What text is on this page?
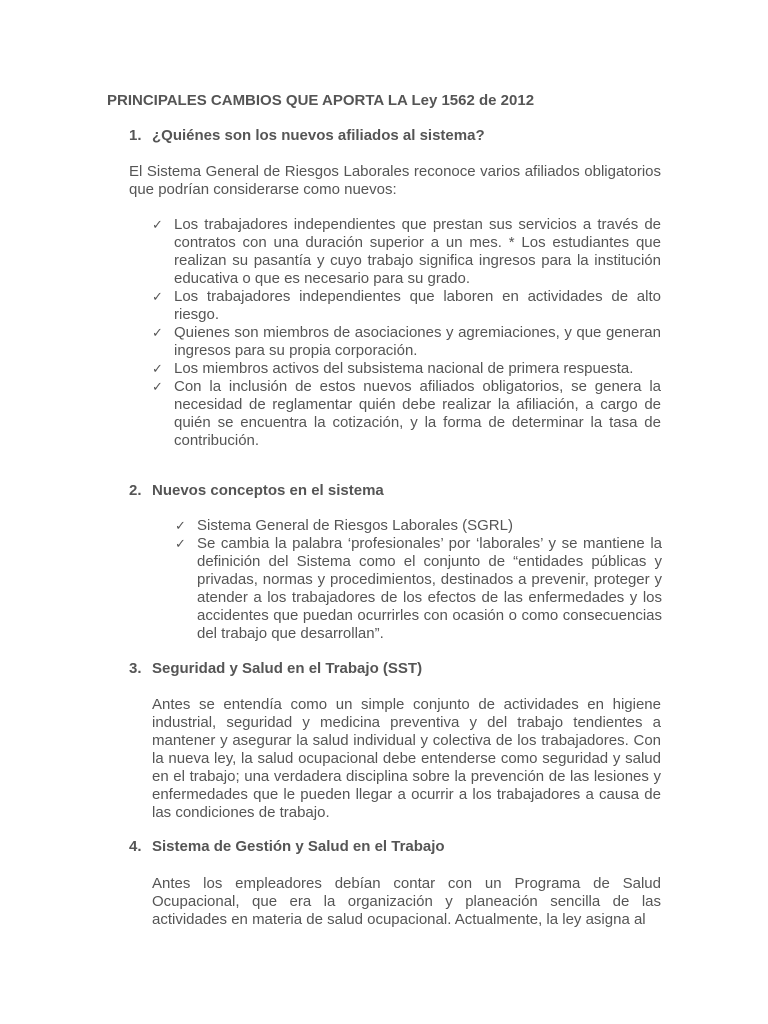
PRINCIPALES CAMBIOS QUE APORTA LA Ley 1562 de 2012
1. ¿Quiénes son los nuevos afiliados al sistema?
El Sistema General de Riesgos Laborales reconoce varios afiliados obligatorios que podrían considerarse como nuevos:
✓ Los trabajadores independientes que prestan sus servicios a través de contratos con una duración superior a un mes. * Los estudiantes que realizan su pasantía y cuyo trabajo significa ingresos para la institución educativa o que es necesario para su grado.
✓ Los trabajadores independientes que laboren en actividades de alto riesgo.
✓ Quienes son miembros de asociaciones y agremiaciones, y que generan ingresos para su propia corporación.
✓ Los miembros activos del subsistema nacional de primera respuesta.
✓ Con la inclusión de estos nuevos afiliados obligatorios, se genera la necesidad de reglamentar quién debe realizar la afiliación, a cargo de quién se encuentra la cotización, y la forma de determinar la tasa de contribución.
2. Nuevos conceptos en el sistema
✓ Sistema General de Riesgos Laborales (SGRL)
✓ Se cambia la palabra ‘profesionales’ por ‘laborales’ y se mantiene la definición del Sistema como el conjunto de “entidades públicas y privadas, normas y procedimientos, destinados a prevenir, proteger y atender a los trabajadores de los efectos de las enfermedades y los accidentes que puedan ocurrirles con ocasión o como consecuencias del trabajo que desarrollan”.
3. Seguridad y Salud en el Trabajo (SST)
Antes se entendía como un simple conjunto de actividades en higiene industrial, seguridad y medicina preventiva y del trabajo tendientes a mantener y asegurar la salud individual y colectiva de los trabajadores. Con la nueva ley, la salud ocupacional debe entenderse como seguridad y salud en el trabajo; una verdadera disciplina sobre la prevención de las lesiones y enfermedades que le pueden llegar a ocurrir a los trabajadores a causa de las condiciones de trabajo.
4. Sistema de Gestión y Salud en el Trabajo
Antes los empleadores debían contar con un Programa de Salud Ocupacional, que era la organización y planeación sencilla de las actividades en materia de salud ocupacional. Actualmente, la ley asigna al
